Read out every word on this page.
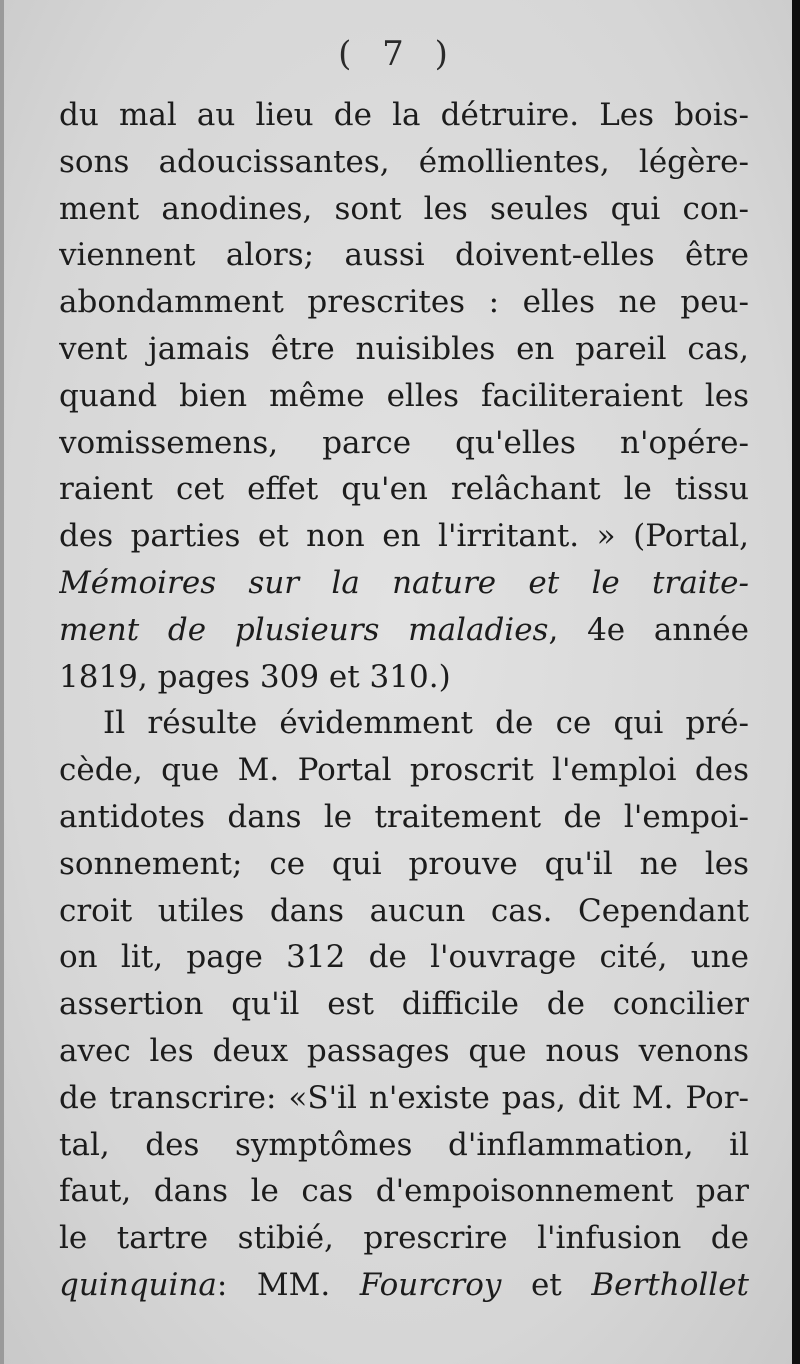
( 7 )
du mal au lieu de la détruire. Les bois-
sons adoucissantes, émollientes, légère-
ment anodines, sont les seules qui con-
viennent alors; aussi doivent-elles être
abondamment prescrites : elles ne peu-
vent jamais être nuisibles en pareil cas,
quand bien même elles faciliteraient les
vomissemens, parce qu'elles n'opére-
raient cet effet qu'en relâchant le tissu
des parties et non en l'irritant. » (Portal,
Mémoires sur la nature et le traite-
ment de plusieurs maladies, 4e année
1819, pages 309 et 310.)
Il résulte évidemment de ce qui pré-
cède, que M. Portal proscrit l'emploi des
antidotes dans le traitement de l'empoi-
sonnement; ce qui prouve qu'il ne les
croit utiles dans aucun cas. Cependant
on lit, page 312 de l'ouvrage cité, une
assertion qu'il est difficile de concilier
avec les deux passages que nous venons
de transcrire: «S'il n'existe pas, dit M. Por-
tal, des symptômes d'inflammation, il
faut, dans le cas d'empoisonnement par
le tartre stibié, prescrire l'infusion de
quinquina: MM. Fourcroy et Berthollet
